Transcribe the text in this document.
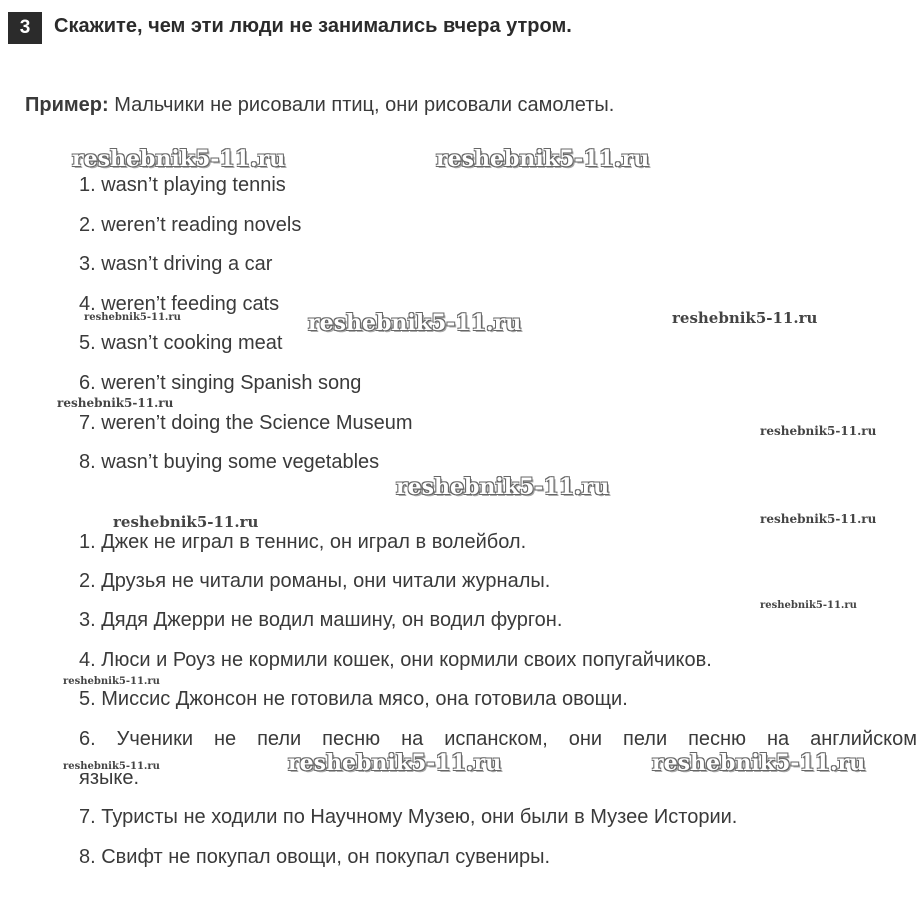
3	Скажите, чем эти люди не занимались вчера утром.
Пример: Мальчики не рисовали птиц, они рисовали самолеты.
1. wasn’t playing tennis
2. weren’t reading novels
3. wasn’t driving a car
4. weren’t feeding cats
5. wasn’t cooking meat
6. weren’t singing Spanish song
7. weren’t doing the Science Museum
8. wasn’t buying some vegetables
1. Джек не играл в теннис, он играл в волейбол.
2. Друзья не читали романы, они читали журналы.
3. Дядя Джерри не водил машину, он водил фургон.
4. Люси и Роуз не кормили кошек, они кормили своих попугайчиков.
5. Миссис Джонсон не готовила мясо, она готовила овощи.
6. Ученики не пели песню на испанском, они пели песню на английском
языке.
7. Туристы не ходили по Научному Музею, они были в Музее Истории.
8. Свифт не покупал овощи, он покупал сувениры.
reshebnik5-11.ru	reshebnik5-11.ru
reshebnik5-11.ru
reshebnik5-11.ru	reshebnik5-11.ru
reshebnik5-11.ru
reshebnik5-11.ru
reshebnik5-11.ru
reshebnik5-11.ru	reshebnik5-11.ru
reshebnik5-11.ru
reshebnik5-11.ru
reshebnik5-11.ru	reshebnik5-11.ru
reshebnik5-11.ru
